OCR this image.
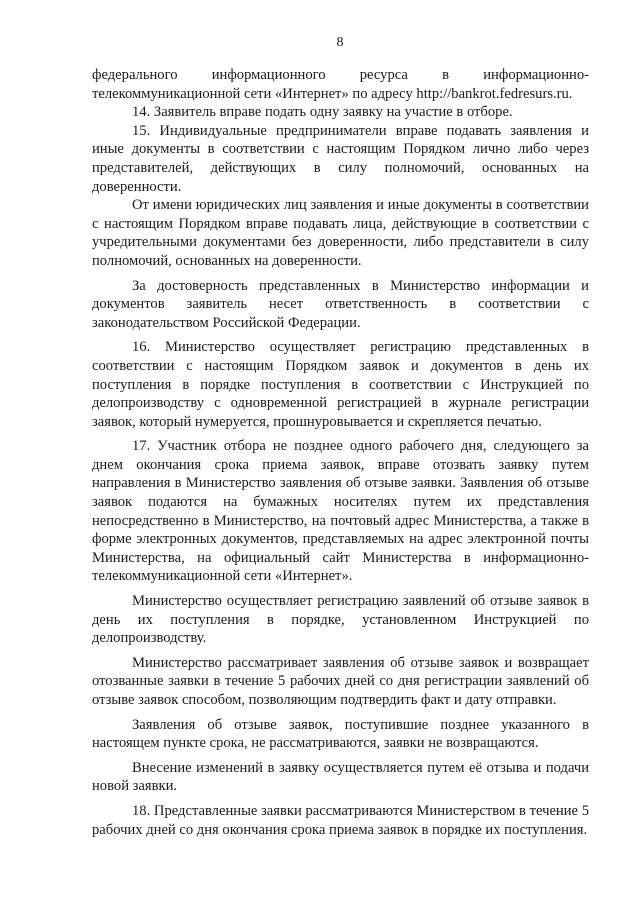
8

федерального информационного ресурса в информационно-телекоммуникационной сети «Интернет» по адресу http://bankrot.fedresurs.ru.

14. Заявитель вправе подать одну заявку на участие в отборе.

15. Индивидуальные предприниматели вправе подавать заявления и иные документы в соответствии с настоящим Порядком лично либо через представителей, действующих в силу полномочий, основанных на доверенности.

От имени юридических лиц заявления и иные документы в соответствии с настоящим Порядком вправе подавать лица, действующие в соответствии с учредительными документами без доверенности, либо представители в силу полномочий, основанных на доверенности.

За достоверность представленных в Министерство информации и документов заявитель несет ответственность в соответствии с законодательством Российской Федерации.

16. Министерство осуществляет регистрацию представленных в соответствии с настоящим Порядком заявок и документов в день их поступления в порядке поступления в соответствии с Инструкцией по делопроизводству с одновременной регистрацией в журнале регистрации заявок, который нумеруется, прошнуровывается и скрепляется печатью.

17. Участник отбора не позднее одного рабочего дня, следующего за днем окончания срока приема заявок, вправе отозвать заявку путем направления в Министерство заявления об отзыве заявки. Заявления об отзыве заявок подаются на бумажных носителях путем их представления непосредственно в Министерство, на почтовый адрес Министерства, а также в форме электронных документов, представляемых на адрес электронной почты Министерства, на официальный сайт Министерства в информационно-телекоммуникационной сети «Интернет».

Министерство осуществляет регистрацию заявлений об отзыве заявок в день их поступления в порядке, установленном Инструкцией по делопроизводству.

Министерство рассматривает заявления об отзыве заявок и возвращает отозванные заявки в течение 5 рабочих дней со дня регистрации заявлений об отзыве заявок способом, позволяющим подтвердить факт и дату отправки.

Заявления об отзыве заявок, поступившие позднее указанного в настоящем пункте срока, не рассматриваются, заявки не возвращаются.

Внесение изменений в заявку осуществляется путем её отзыва и подачи новой заявки.

18. Представленные заявки рассматриваются Министерством в течение 5 рабочих дней со дня окончания срока приема заявок в порядке их поступления.
